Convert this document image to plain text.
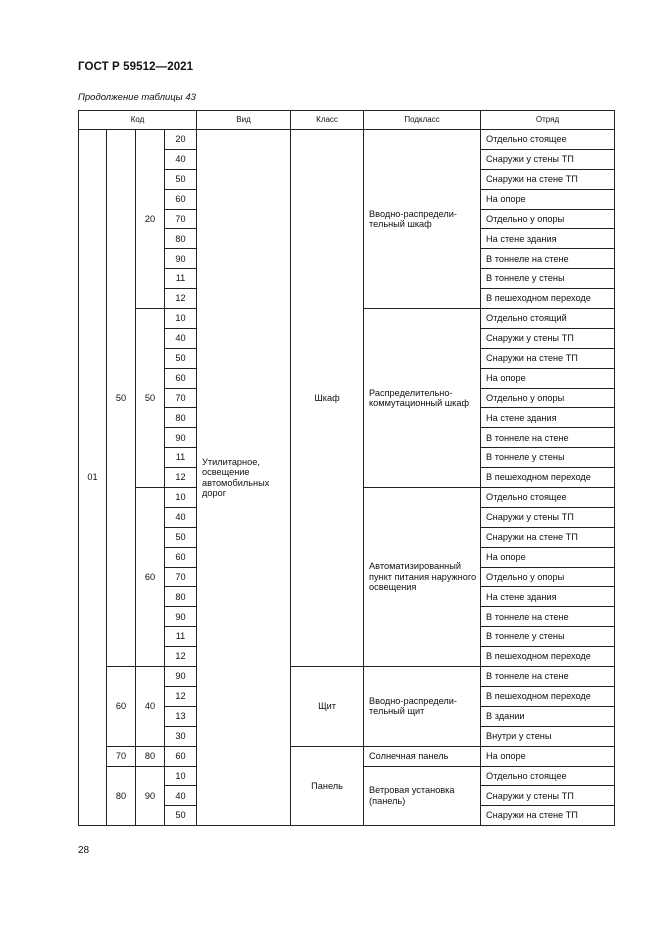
ГОСТ Р 59512—2021
Продолжение таблицы 43
Код				Вид	Класс	Подкласс	Отряд
01	50	20	20	Утилитарное, освещение автомобильных дорог	Шкаф	Вводно-распредели-тельный шкаф	Отдельно стоящее
			40				Снаружи у стены ТП
			50				Снаружи на стене ТП
			60				На опоре
			70				Отдельно у опоры
			80				На стене здания
			90				В тоннеле на стене
			11				В тоннеле у стены
			12				В пешеходном переходе
		50	10			Распределительно-коммутационный шкаф	Отдельно стоящий
			40				Снаружи у стены ТП
			50				Снаружи на стене ТП
			60				На опоре
			70				Отдельно у опоры
			80				На стене здания
			90				В тоннеле на стене
			11				В тоннеле у стены
			12				В пешеходном переходе
		60	10			Автоматизированный пункт питания наружного освещения	Отдельно стоящее
			40				Снаружи у стены ТП
			50				Снаружи на стене ТП
			60				На опоре
			70				Отдельно у опоры
			80				На стене здания
			90				В тоннеле на стене
			11				В тоннеле у стены
			12				В пешеходном переходе
	60	40	90		Щит	Вводно-распредели-тельный щит	В тоннеле на стене
			12				В пешеходном переходе
			13				В здании
			30				Внутри у стены
	70	80	60		Панель	Солнечная панель	На опоре
	80	90	10			Ветровая установка (панель)	Отдельно стоящее
			40				Снаружи у стены ТП
			50				Снаружи на стене ТП
28
